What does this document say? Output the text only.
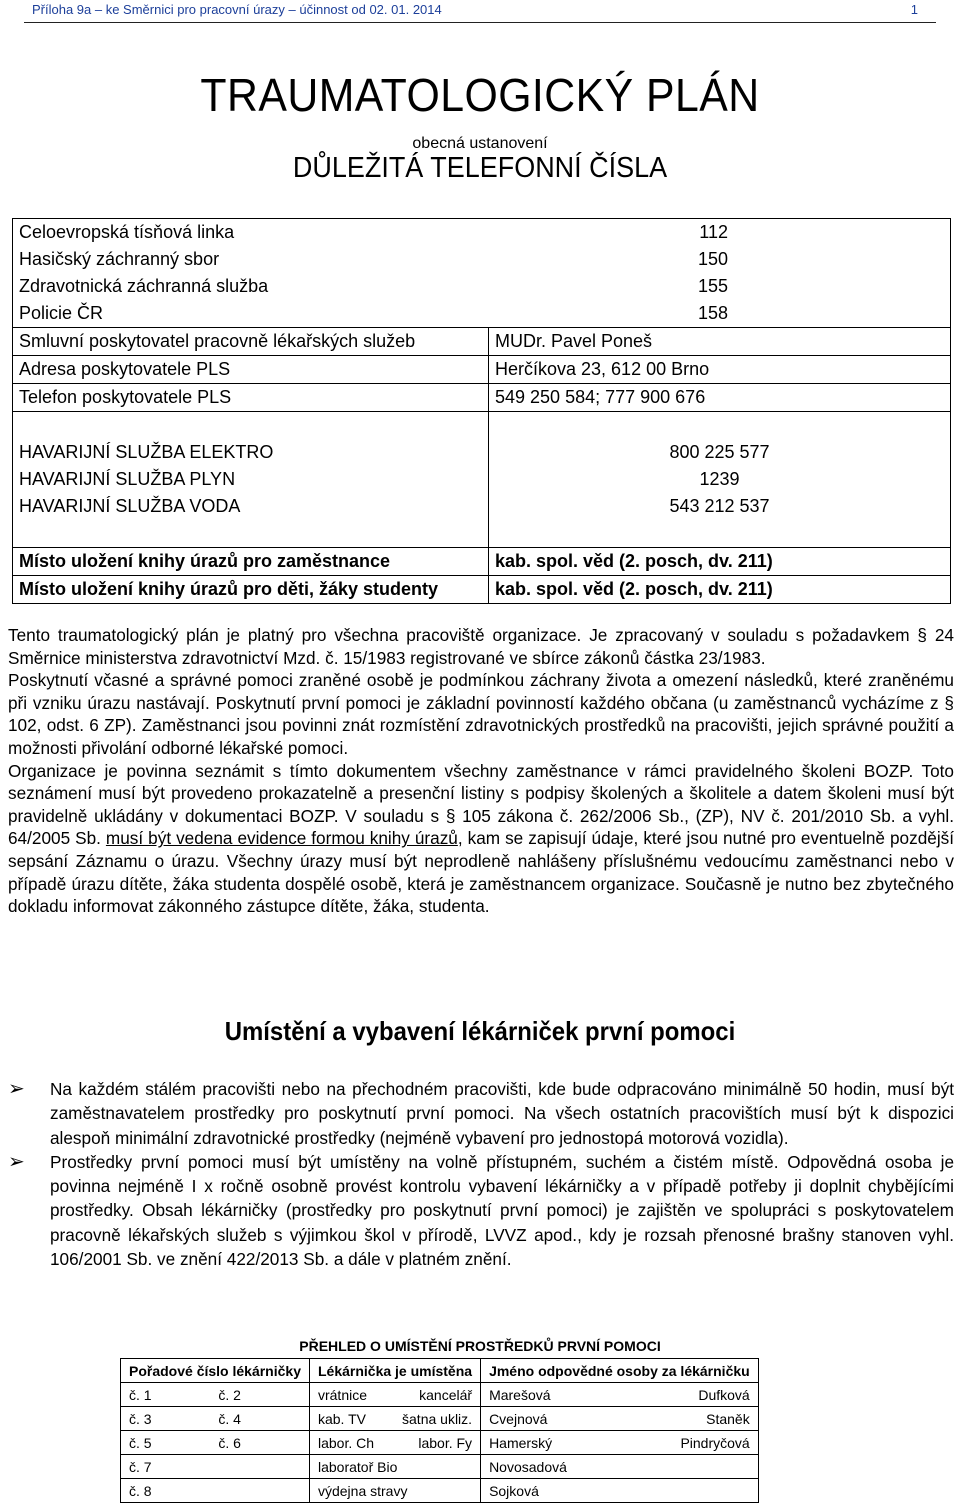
Příloha 9a – ke Směrnici pro pracovní úrazy – účinnost od 02. 01. 2014	1
TRAUMATOLOGICKÝ PLÁN
obecná ustanovení
DŮLEŽITÁ TELEFONNÍ ČÍSLA
Celoevropská tísňová linka	112
Hasičský záchranný sbor	150
Zdravotnická záchranná služba	155
Policie ČR	158
Smluvní poskytovatel pracovně lékařských služeb	MUDr. Pavel Poneš
Adresa poskytovatele PLS	Herčíkova 23, 612 00 Brno
Telefon poskytovatele PLS	549 250 584; 777 900 676

HAVARIJNÍ SLUŽBA ELEKTRO	800 225 577
HAVARIJNÍ SLUŽBA PLYN	1239
HAVARIJNÍ SLUŽBA VODA	543 212 537

Místo uložení knihy úrazů pro zaměstnance	kab. spol. věd (2. posch, dv. 211)
Místo uložení knihy úrazů pro děti, žáky studenty	kab. spol. věd (2. posch, dv. 211)

Tento traumatologický plán je platný pro všechna pracoviště organizace. Je zpracovaný v souladu s požadavkem § 24 Směrnice ministerstva zdravotnictví Mzd. č. 15/1983 registrované ve sbírce zákonů částka 23/1983.

Poskytnutí včasné a správné pomoci zraněné osobě je podmínkou záchrany života a omezení následků, které zraněnému při vzniku úrazu nastávají. Poskytnutí první pomoci je základní povinností každého občana (u zaměstnanců vycházíme z § 102, odst. 6 ZP). Zaměstnanci jsou povinni znát rozmístění zdravotnických prostředků na pracovišti, jejich správné použití a možnosti přivolání odborné lékařské pomoci.

Organizace je povinna seznámit s tímto dokumentem všechny zaměstnance v rámci pravidelného školeni BOZP. Toto seznámení musí být provedeno prokazatelně a presenční listiny s podpisy školených a školitele a datem školeni musí být pravidelně ukládány v dokumentaci BOZP. V souladu s § 105 zákona č. 262/2006 Sb., (ZP), NV č. 201/2010 Sb. a vyhl. 64/2005 Sb. musí být vedena evidence formou knihy úrazů, kam se zapisují údaje, které jsou nutné pro eventuelně pozdější sepsání Záznamu o úrazu. Všechny úrazy musí být neprodleně nahlášeny příslušnému vedoucímu zaměstnanci nebo v případě úrazu dítěte, žáka studenta dospělé osobě, která je zaměstnancem organizace. Současně je nutno bez zbytečného dokladu informovat zákonného zástupce dítěte, žáka, studenta.

Umístění a vybavení lékárniček první pomoci

➢ Na každém stálém pracovišti nebo na přechodném pracovišti, kde bude odpracováno minimálně 50 hodin, musí být zaměstnavatelem prostředky pro poskytnutí první pomoci. Na všech ostatních pracovištích musí být k dispozici alespoň minimální zdravotnické prostředky (nejméně vybavení pro jednostopá motorová vozidla).

➢ Prostředky první pomoci musí být umístěny na volně přístupném, suchém a čistém místě. Odpovědná osoba je povinna nejméně I x ročně osobně provést kontrolu vybavení lékárničky a v případě potřeby ji doplnit chybějícími prostředky. Obsah lékárničky (prostředky pro poskytnutí první pomoci) je zajištěn ve spolupráci s poskytovatelem pracovně lékařských služeb s výjimkou škol v přírodě, LVVZ apod., kdy je rozsah přenosné brašny stanoven vyhl. 106/2001 Sb. ve znění 422/2013 Sb. a dále v platném znění.

PŘEHLED O UMÍSTĚNÍ PROSTŘEDKŮ PRVNÍ POMOCI
Pořadové číslo lékárničky	Lékárnička je umístěna	Jméno odpovědné osoby za lékárničku

č. 1 č. 2	vrátnice kancelář	Marešová Dufková

č. 3 č. 4	kab. TV šatna ukliz.	Cvejnová Staněk

č. 5 č. 6	labor. Ch labor. Fy	Hamerský Pindryčová

č. 7	laboratoř Bio	Novosadová

č. 8	výdejna stravy	Sojková
